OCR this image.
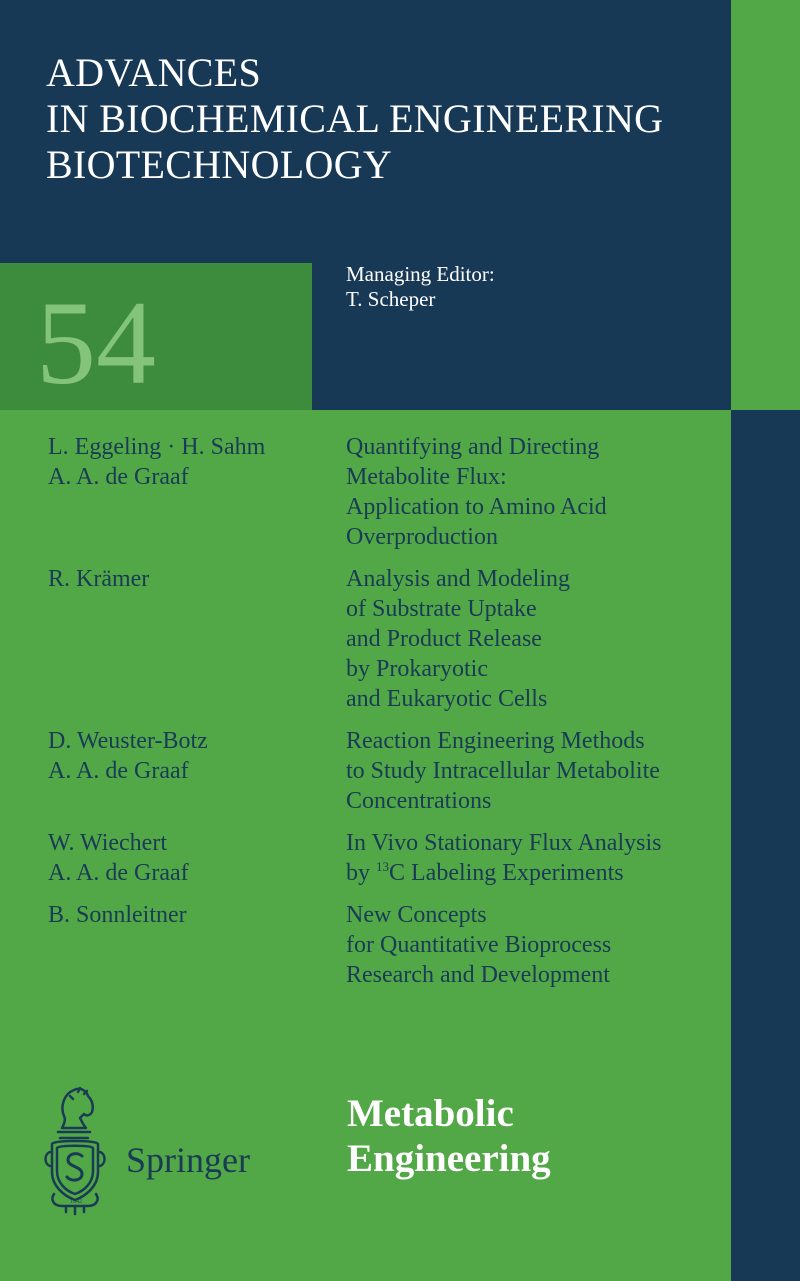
ADVANCES
IN BIOCHEMICAL ENGINEERING
BIOTECHNOLOGY
Managing Editor:
T. Scheper
54
L. Eggeling · H. Sahm
A. A. de Graaf
Quantifying and Directing
Metabolite Flux:
Application to Amino Acid
Overproduction
R. Krämer	Analysis and Modeling
of Substrate Uptake
and Product Release
by Prokaryotic
and Eukaryotic Cells
D. Weuster-Botz
A. A. de Graaf
Reaction Engineering Methods
to Study Intracellular Metabolite
Concentrations
W. Wiechert
A. A. de Graaf
In Vivo Stationary Flux Analysis
by $^{13}$C Labeling Experiments
B. Sonnleitner	New Concepts
for Quantitative Bioprocess
Research and Development
1842
Springer
Metabolic
Engineering
